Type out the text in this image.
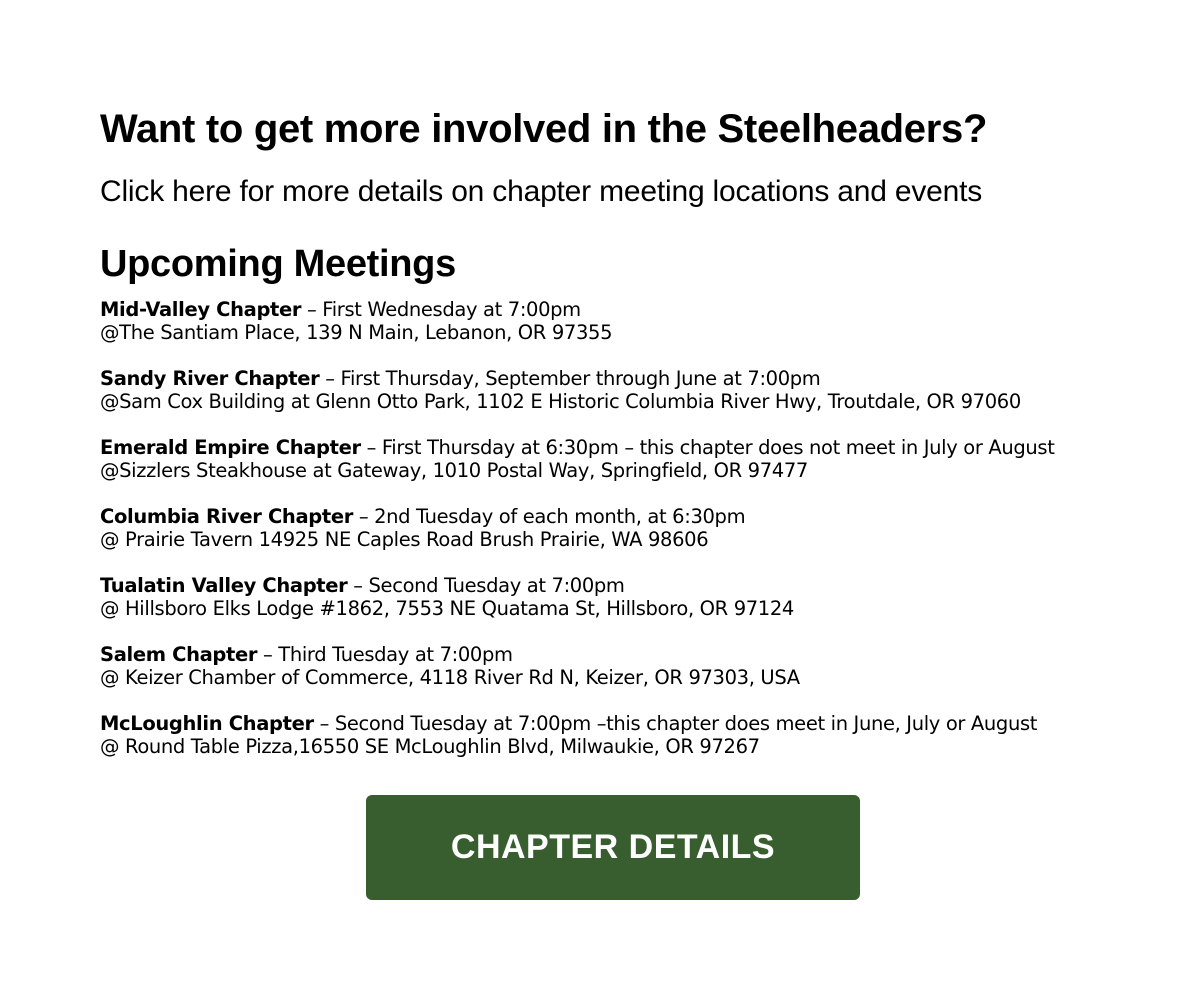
Want to get more involved in the Steelheaders?
Click here for more details on chapter meeting locations and events
Upcoming Meetings
Mid-Valley Chapter – First Wednesday at 7:00pm
@The Santiam Place, 139 N Main, Lebanon, OR 97355
Sandy River Chapter – First Thursday, September through June at 7:00pm
@Sam Cox Building at Glenn Otto Park, 1102 E Historic Columbia River Hwy, Troutdale, OR 97060
Emerald Empire Chapter – First Thursday at 6:30pm – this chapter does not meet in July or August
@Sizzlers Steakhouse at Gateway, 1010 Postal Way, Springfield, OR 97477
Columbia River Chapter – 2nd Tuesday of each month, at 6:30pm
@ Prairie Tavern 14925 NE Caples Road Brush Prairie, WA 98606
Tualatin Valley Chapter – Second Tuesday at 7:00pm
@ Hillsboro Elks Lodge #1862, 7553 NE Quatama St, Hillsboro, OR 97124
Salem Chapter – Third Tuesday at 7:00pm
@ Keizer Chamber of Commerce, 4118 River Rd N, Keizer, OR 97303, USA
McLoughlin Chapter – Second Tuesday at 7:00pm –this chapter does meet in June, July or August
@ Round Table Pizza,16550 SE McLoughlin Blvd, Milwaukie, OR 97267
CHAPTER DETAILS
